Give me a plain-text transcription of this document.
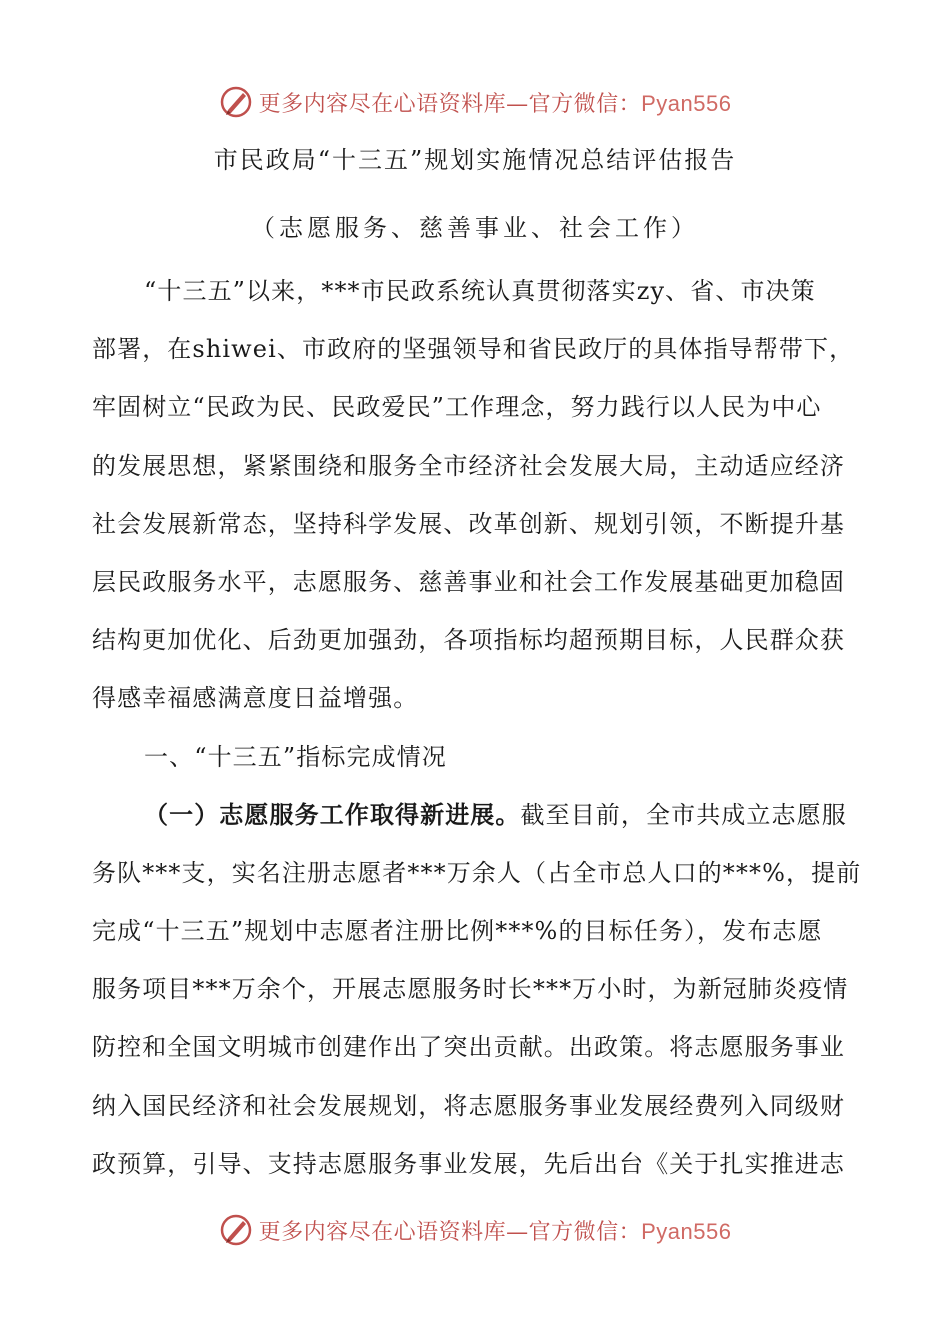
更多内容尽在心语资料库—官方微信：Pyan556
市民政局“十三五”规划实施情况总结评估报告
（志愿服务、慈善事业、社会工作）
“十三五”以来，***市民政系统认真贯彻落实zy、省、市决策
部署，在shiwei、市政府的坚强领导和省民政厅的具体指导帮带下，
牢固树立“民政为民、民政爱民”工作理念，努力践行以人民为中心
的发展思想，紧紧围绕和服务全市经济社会发展大局，主动适应经济
社会发展新常态，坚持科学发展、改革创新、规划引领，不断提升基
层民政服务水平，志愿服务、慈善事业和社会工作发展基础更加稳固
结构更加优化、后劲更加强劲，各项指标均超预期目标，人民群众获
得感幸福感满意度日益增强。
一、“十三五”指标完成情况
（一）志愿服务工作取得新进展。截至目前，全市共成立志愿服
务队***支，实名注册志愿者***万余人（占全市总人口的***%，提前
完成“十三五”规划中志愿者注册比例***%的目标任务），发布志愿
服务项目***万余个，开展志愿服务时长***万小时，为新冠肺炎疫情
防控和全国文明城市创建作出了突出贡献。出政策。将志愿服务事业
纳入国民经济和社会发展规划，将志愿服务事业发展经费列入同级财
政预算，引导、支持志愿服务事业发展，先后出台《关于扎实推进志
更多内容尽在心语资料库—官方微信：Pyan556
